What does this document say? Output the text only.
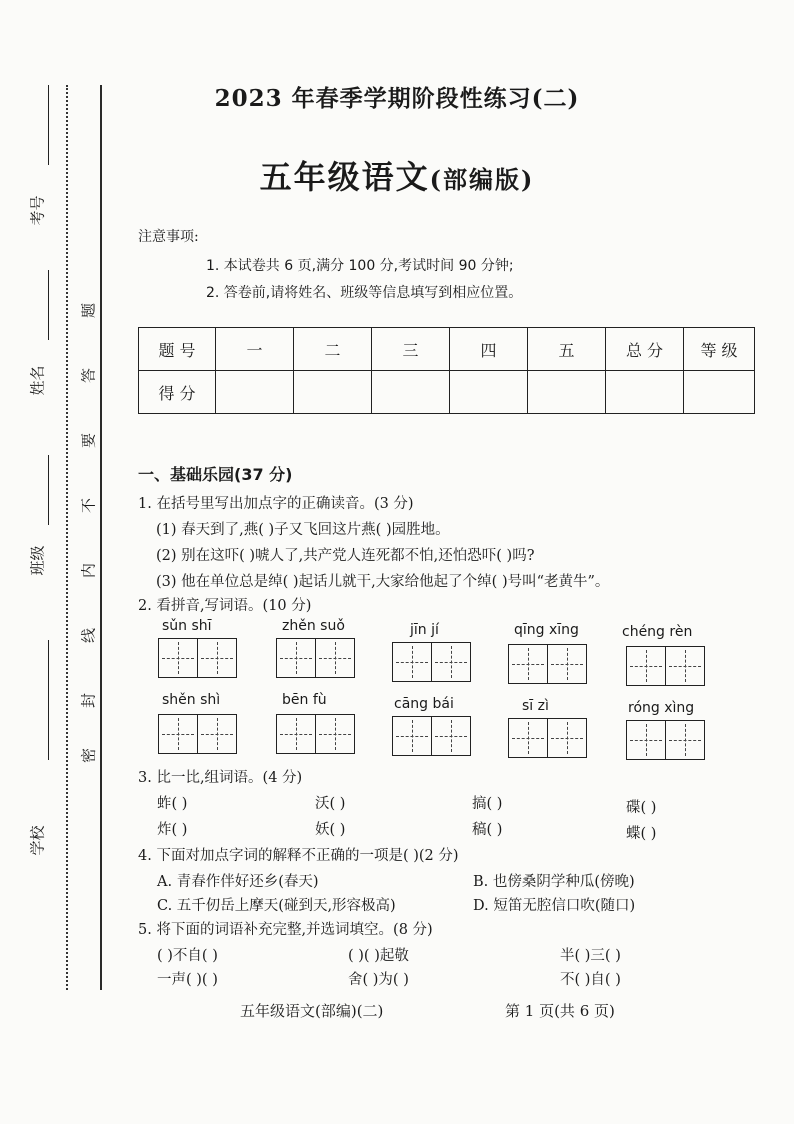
考号
姓名
班级
学校
题
答
要
不
内
线
封
密
2023 年春季学期阶段性练习(二)
五年级语文(部编版)
注意事项:
1. 本试卷共 6 页,满分 100 分,考试时间 90 分钟;
2. 答卷前,请将姓名、班级等信息填写到相应位置。
题 号	一	二	三	四	五	总 分	等 级
得 分							
一、基础乐园(37 分)
1. 在括号里写出加点字的正确读音。(3 分)
(1) 春天到了,燕( )子又飞回这片燕( )园胜地。
(2) 别在这吓( )唬人了,共产党人连死都不怕,还怕恐吓( )吗?
(3) 他在单位总是绰( )起话儿就干,大家给他起了个绰( )号叫“老黄牛”。
2. 看拼音,写词语。(10 分)
sǔn shī	zhěn suǒ	jīn jí	qīng xīng	chéng rèn
shěn shì	bēn fù	cāng bái	sī zì	róng xìng
3. 比一比,组词语。(4 分)
蚱( )	沃( )	搞( )	碟( )
炸( )	妖( )	稿( )	蝶( )
4. 下面对加点字词的解释不正确的一项是( )(2 分)
A. 青春作伴好还乡(春天)	B. 也傍桑阴学种瓜(傍晚)
C. 五千仞岳上摩天(碰到天,形容极高)	D. 短笛无腔信口吹(随口)
5. 将下面的词语补充完整,并选词填空。(8 分)
( )不自( )	( )( )起敬	半( )三( )
一声( )( )	舍( )为( )	不( )自( )
五年级语文(部编)(二)	第 1 页(共 6 页)
